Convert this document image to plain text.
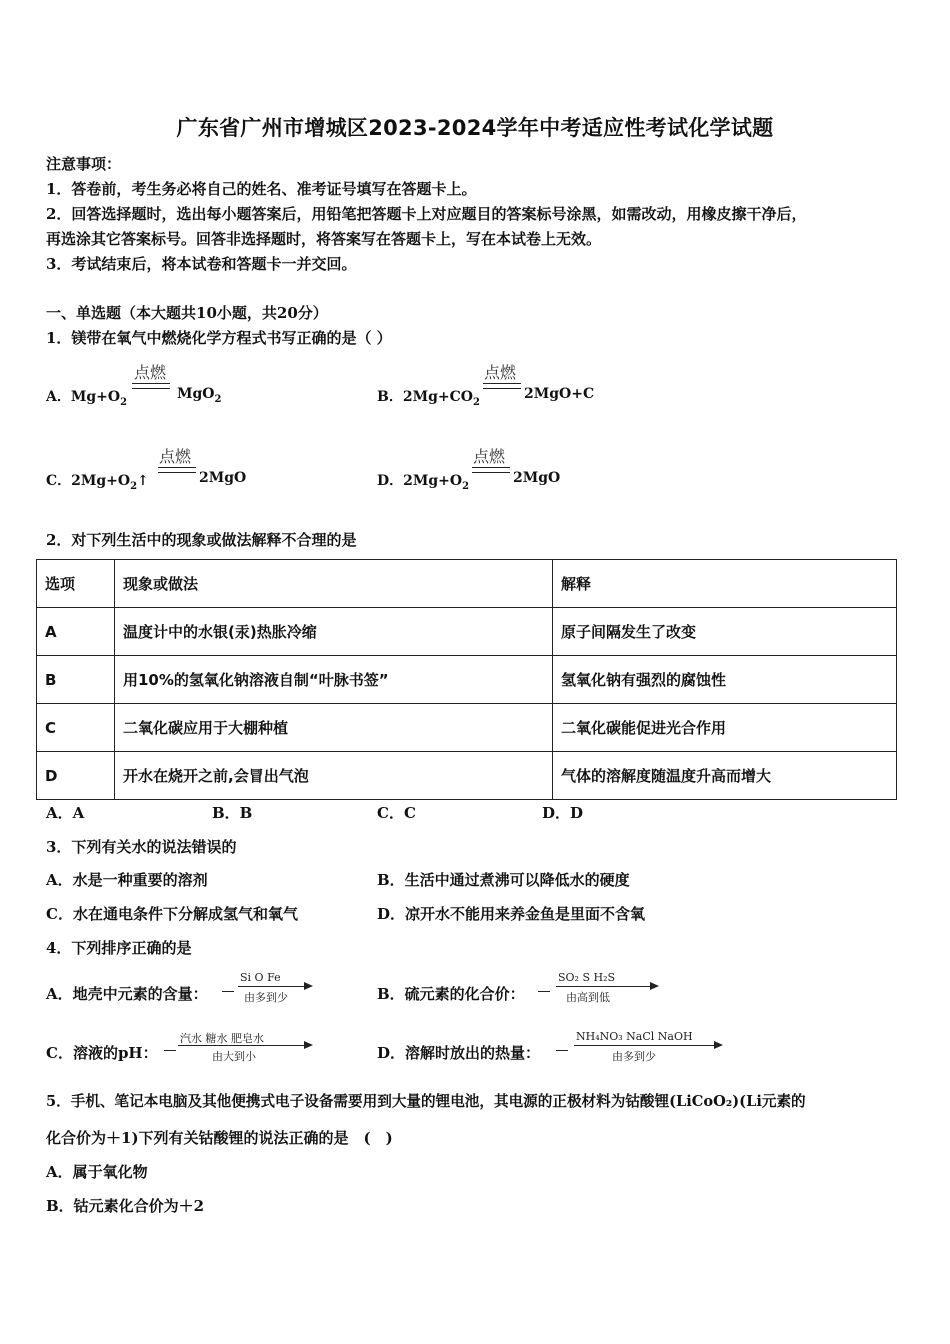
广东省广州市增城区2023-2024学年中考适应性考试化学试题
注意事项：
1．答卷前，考生务必将自己的姓名、准考证号填写在答题卡上。
2．回答选择题时，选出每小题答案后，用铅笔把答题卡上对应题目的答案标号涂黑，如需改动，用橡皮擦干净后，
再选涂其它答案标号。回答非选择题时，将答案写在答题卡上，写在本试卷上无效。
3．考试结束后，将本试卷和答题卡一并交回。
一、单选题（本大题共10小题，共20分）
1．镁带在氧气中燃烧化学方程式书写正确的是（ ）
A．$Mg+O_2$
点燃
MgO$_2$	B．$2Mg+CO_2$
点燃
2MgO+C
C．$2Mg+O_2↑$
点燃
2MgO	D．$2Mg+O_2$
点燃
2MgO
2．对下列生活中的现象或做法解释不合理的是
选项	现象或做法	解释
A	温度计中的水银(汞)热胀冷缩	原子间隔发生了改变
B	用10%的氢氧化钠溶液自制“叶脉书签”	氢氧化钠有强烈的腐蚀性
C	二氧化碳应用于大棚种植	二氧化碳能促进光合作用
D	开水在烧开之前,会冒出气泡	气体的溶解度随温度升高而增大
A．A	B．B	C．C	D．D
3．下列有关水的说法错误的
A．水是一种重要的溶剂	B．生活中通过煮沸可以降低水的硬度
C．水在通电条件下分解成氢气和氧气	D．凉开水不能用来养金鱼是里面不含氧
4．下列排序正确的是
A．地壳中元素的含量：
Si O Fe
由多到少	B．硫元素的化合价：
SO₂ S H₂S
由高到低
C．溶液的pH：
汽水 糖水 肥皂水
由大到小	D．溶解时放出的热量：
NH₄NO₃ NaCl NaOH
由多到少
5．手机、笔记本电脑及其他便携式电子设备需要用到大量的锂电池，其电源的正极材料为钴酸锂(LiCoO₂)(Li元素的
化合价为＋1)下列有关钴酸锂的说法正确的是　(　)
A．属于氧化物
B．钴元素化合价为＋2
